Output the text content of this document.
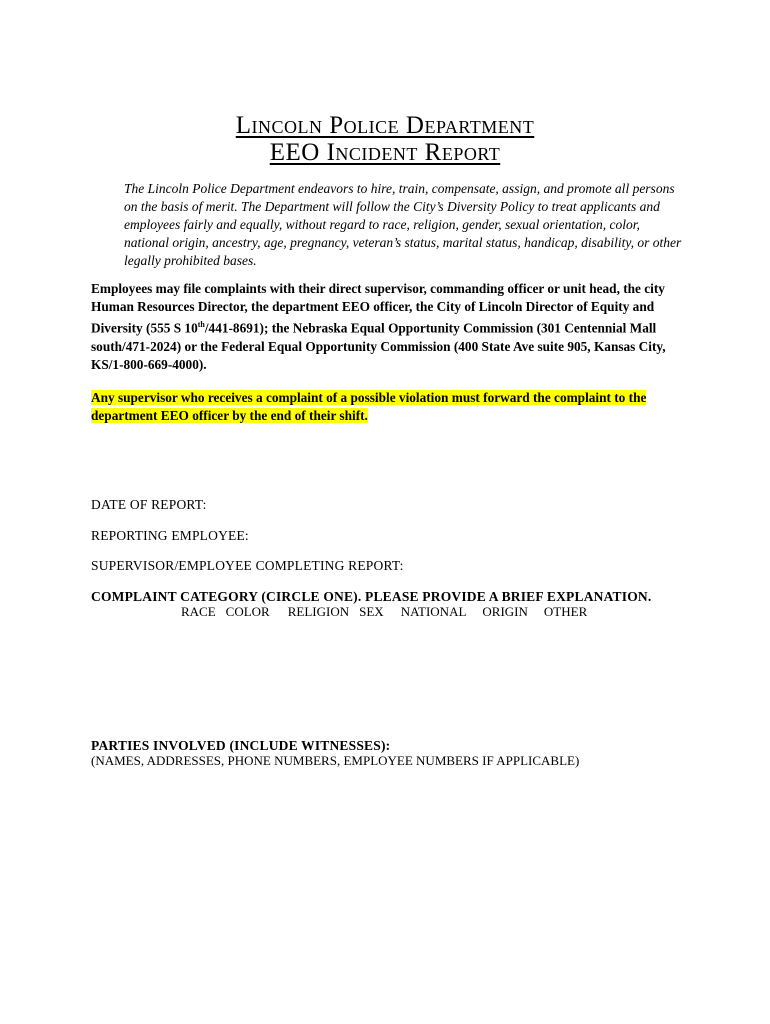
Lincoln Police Department
EEO Incident Report

The Lincoln Police Department endeavors to hire, train, compensate, assign, and promote all persons on the basis of merit. The Department will follow the City’s Diversity Policy to treat applicants and employees fairly and equally, without regard to race, religion, gender, sexual orientation, color, national origin, ancestry, age, pregnancy, veteran’s status, marital status, handicap, disability, or other legally prohibited bases.

Employees may file complaints with their direct supervisor, commanding officer or unit head, the city Human Resources Director, the department EEO officer, the City of Lincoln Director of Equity and Diversity (555 S 10th/441-8691); the Nebraska Equal Opportunity Commission (301 Centennial Mall south/471-2024) or the Federal Equal Opportunity Commission (400 State Ave suite 905, Kansas City, KS/1-800-669-4000).

Any supervisor who receives a complaint of a possible violation must forward the complaint to the department EEO officer by the end of their shift.

DATE OF REPORT:

REPORTING EMPLOYEE:

SUPERVISOR/EMPLOYEE COMPLETING REPORT:

COMPLAINT CATEGORY (CIRCLE ONE). PLEASE PROVIDE A BRIEF EXPLANATION.

RACE COLOR RELIGION SEX NATIONAL ORIGIN OTHER

PARTIES INVOLVED (INCLUDE WITNESSES):

(NAMES, ADDRESSES, PHONE NUMBERS, EMPLOYEE NUMBERS IF APPLICABLE)
